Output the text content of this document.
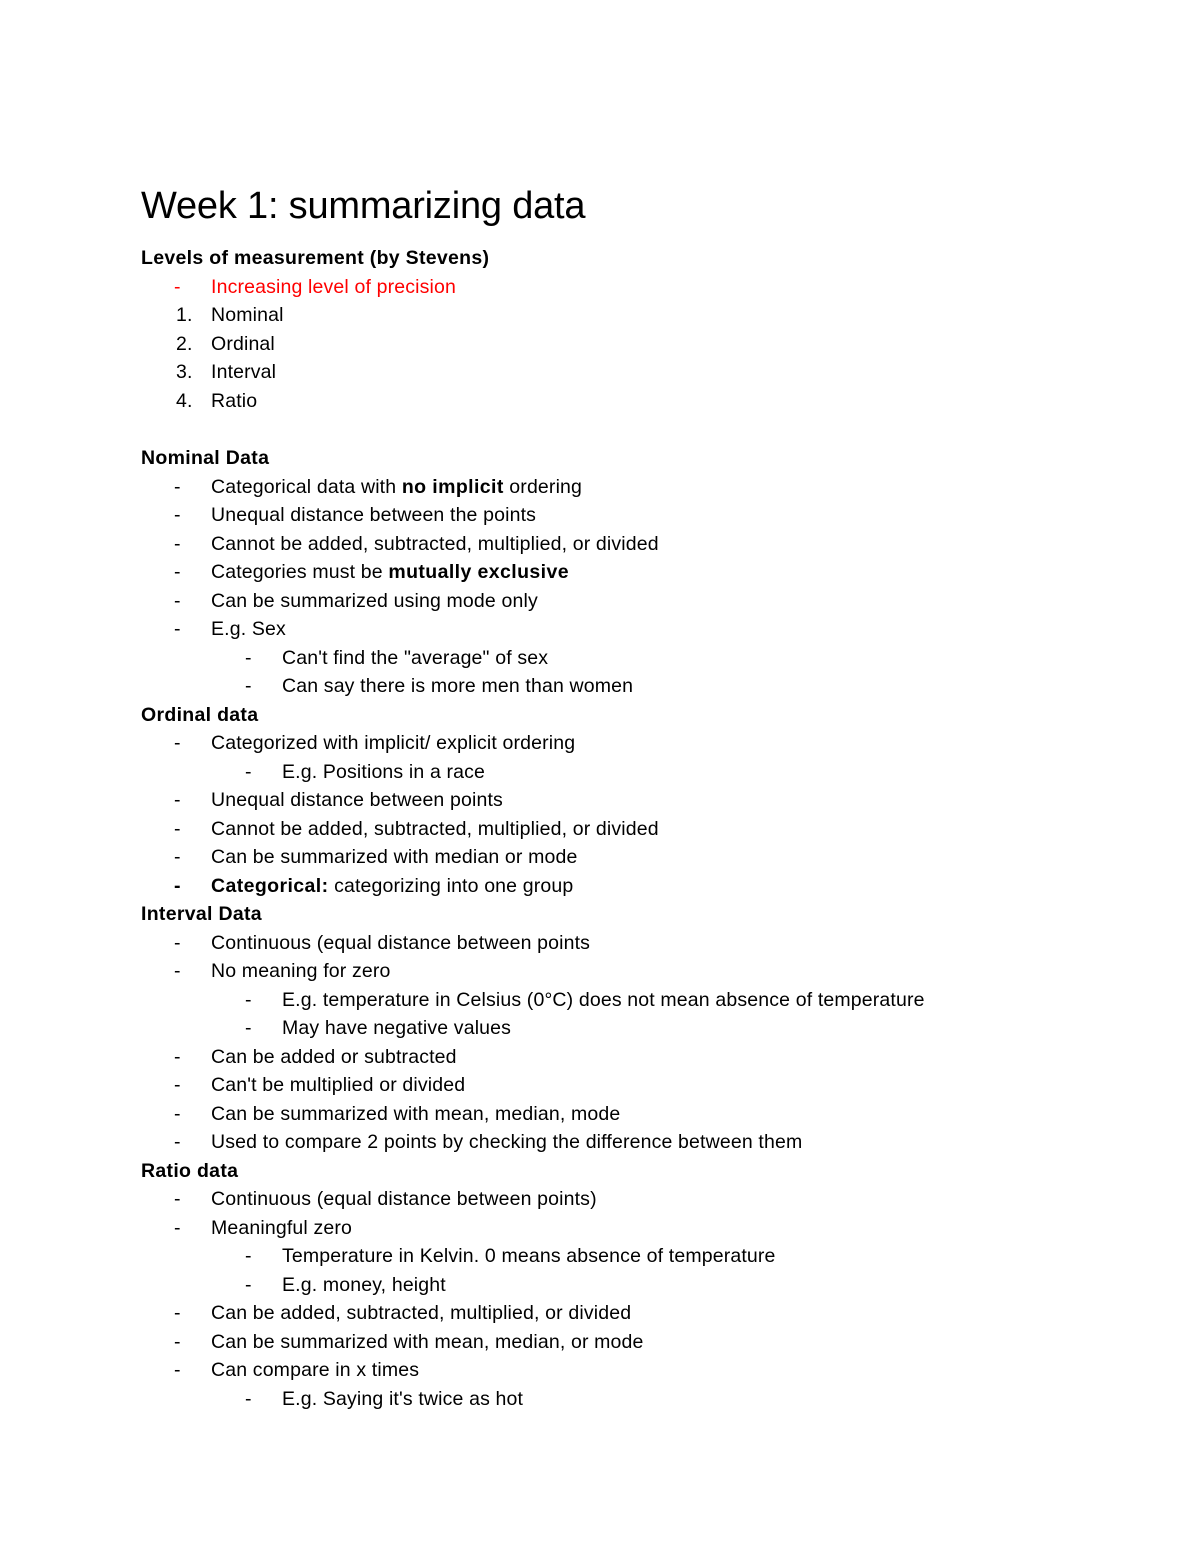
Week 1: summarizing data
Levels of measurement (by Stevens)
- Increasing level of precision
1. Nominal
2. Ordinal
3. Interval
4. Ratio
Nominal Data
- Categorical data with no implicit ordering
- Unequal distance between the points
- Cannot be added, subtracted, multiplied, or divided
- Categories must be mutually exclusive
- Can be summarized using mode only
- E.g. Sex
- Can't find the "average" of sex
- Can say there is more men than women
Ordinal data
- Categorized with implicit/ explicit ordering
- E.g. Positions in a race
- Unequal distance between points
- Cannot be added, subtracted, multiplied, or divided
- Can be summarized with median or mode
- Categorical: categorizing into one group
Interval Data
- Continuous (equal distance between points
- No meaning for zero
- E.g. temperature in Celsius (0°C) does not mean absence of temperature
- May have negative values
- Can be added or subtracted
- Can't be multiplied or divided
- Can be summarized with mean, median, mode
- Used to compare 2 points by checking the difference between them
Ratio data
- Continuous (equal distance between points)
- Meaningful zero
- Temperature in Kelvin. 0 means absence of temperature
- E.g. money, height
- Can be added, subtracted, multiplied, or divided
- Can be summarized with mean, median, or mode
- Can compare in x times
- E.g. Saying it's twice as hot
